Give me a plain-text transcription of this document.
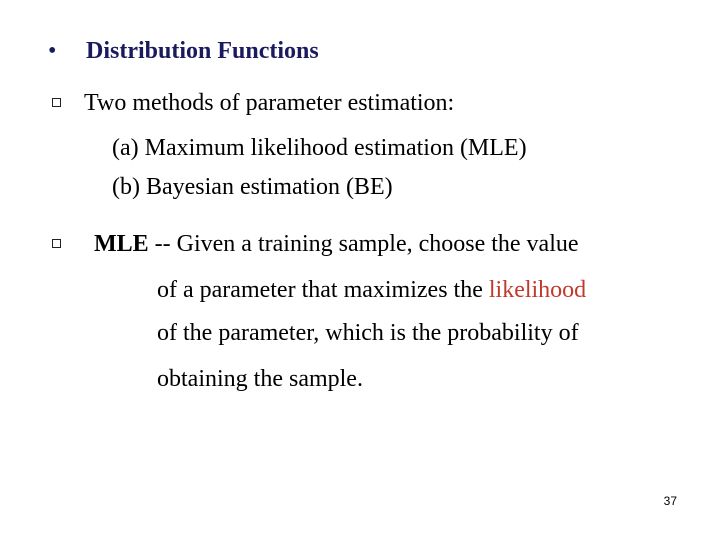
• Distribution Functions
Two methods of parameter estimation:
(a) Maximum likelihood estimation (MLE)
(b) Bayesian estimation (BE)
MLE -- Given a training sample, choose the value
of a parameter that maximizes the likelihood
of the parameter, which is the probability of
obtaining the sample.
37
